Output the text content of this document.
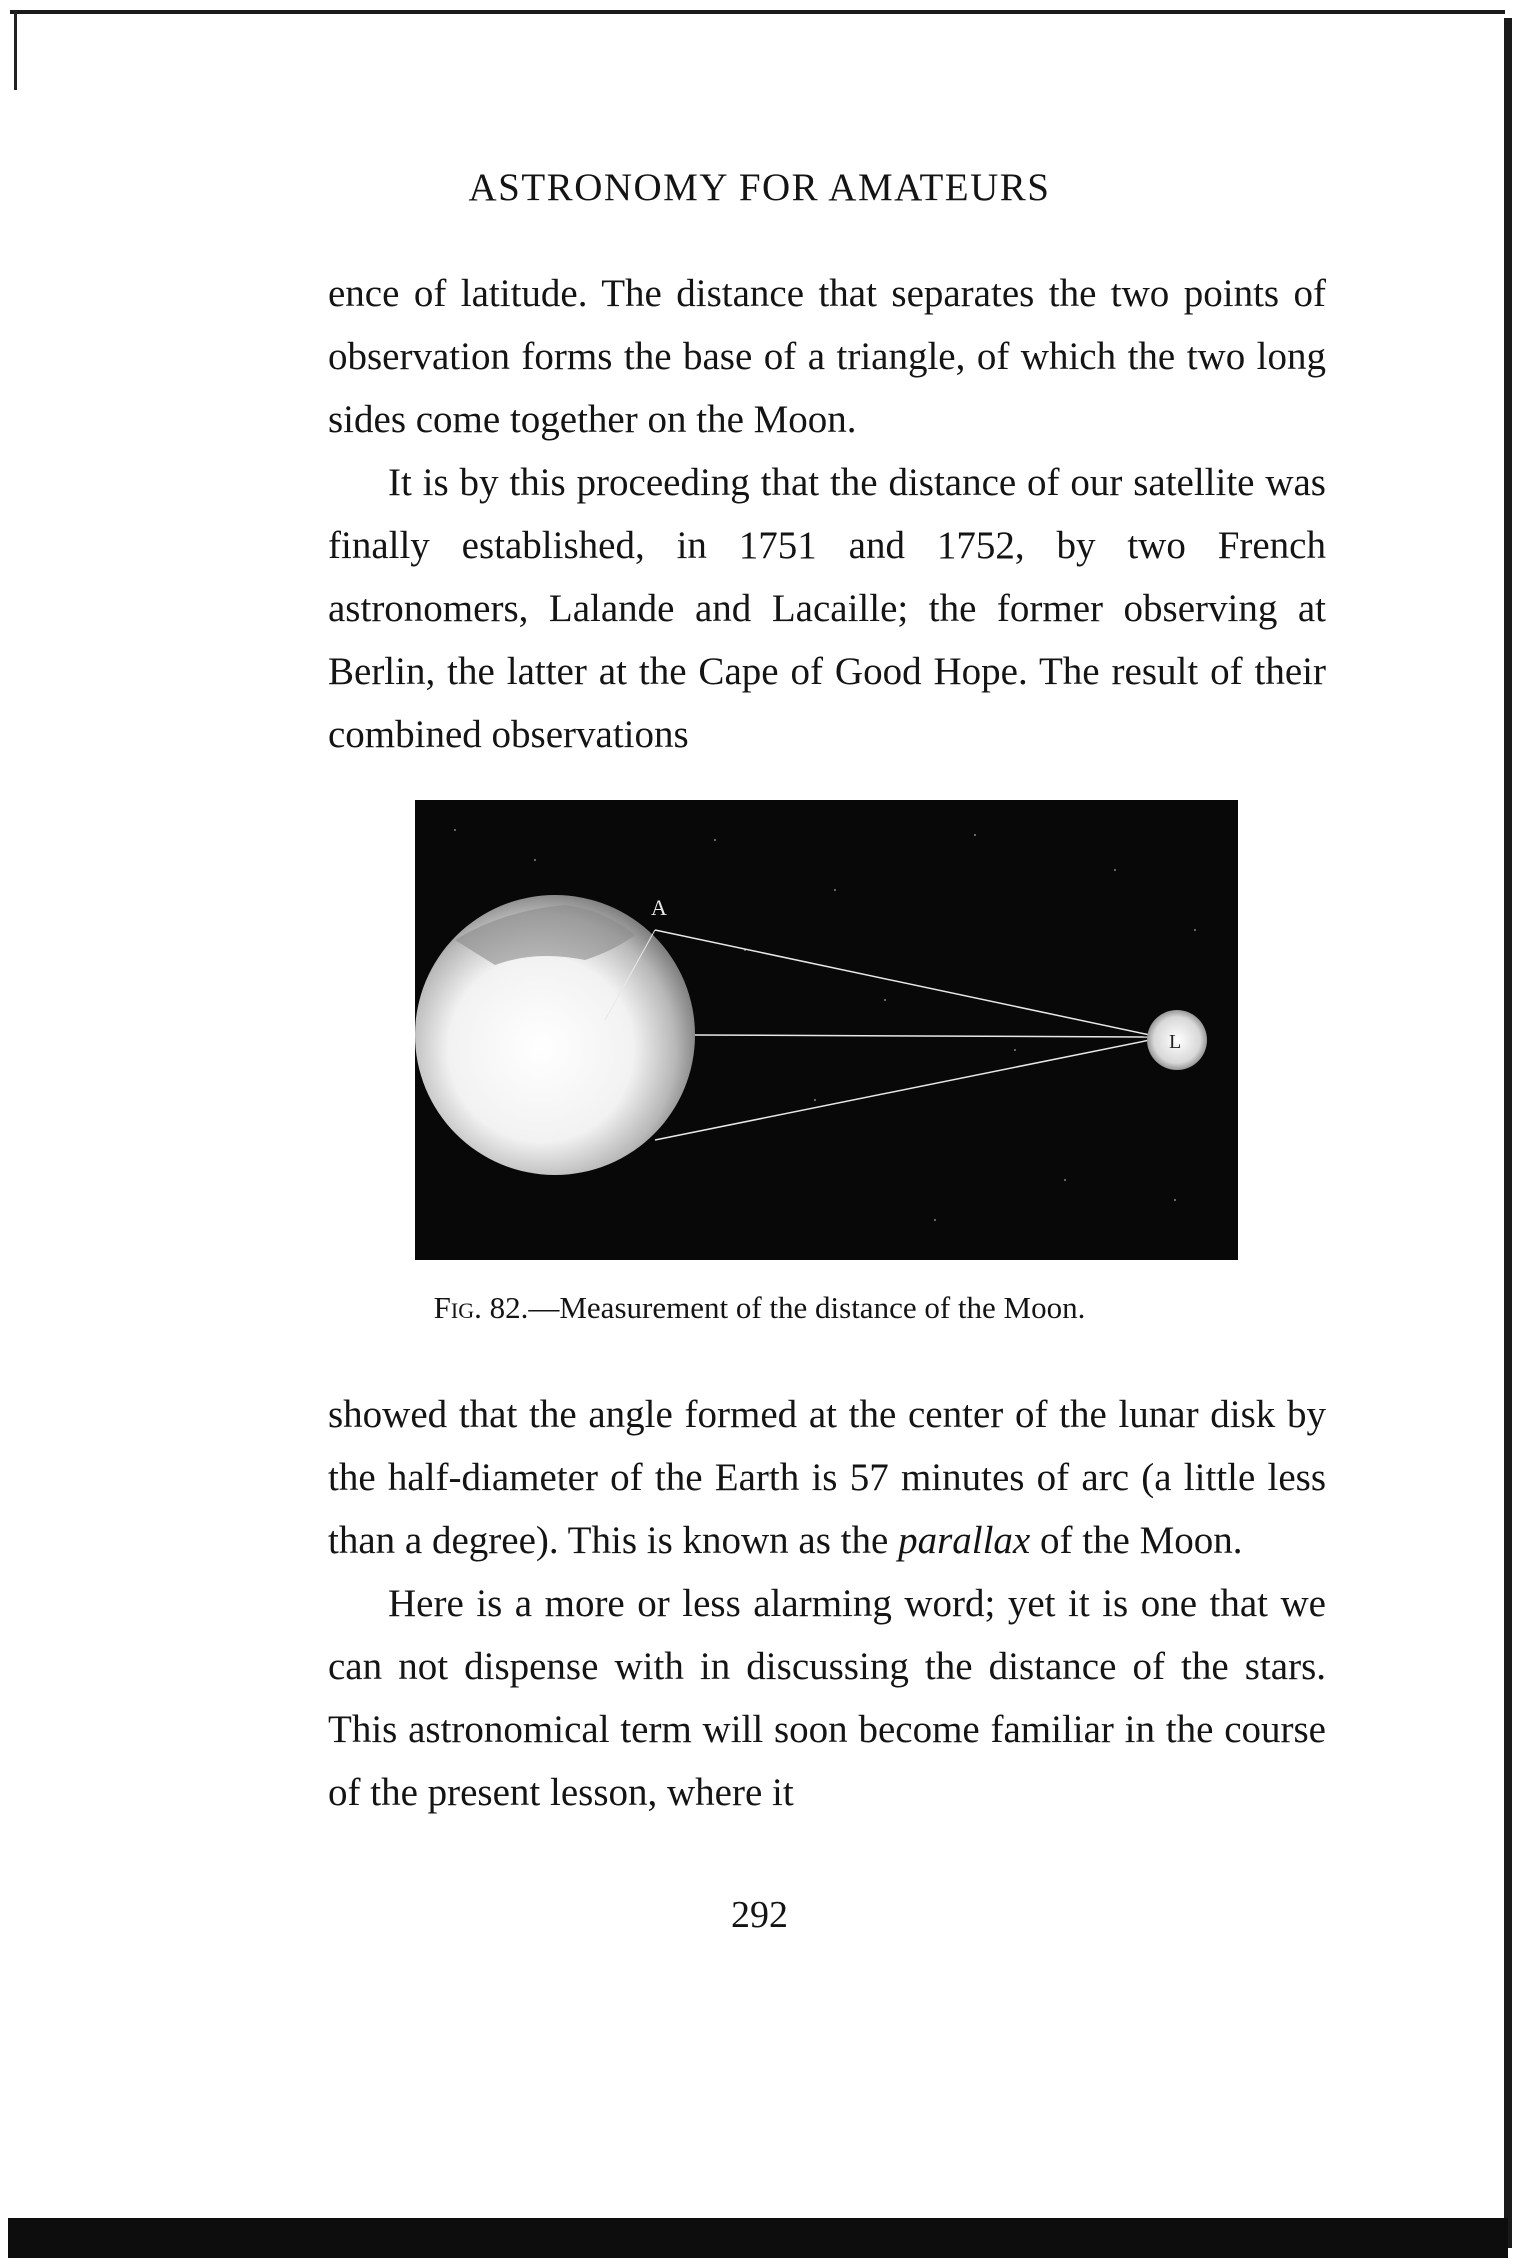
ASTRONOMY FOR AMATEURS

ence of latitude. The distance that separates the two points of observation forms the base of a triangle, of which the two long sides come together on the Moon.

It is by this proceeding that the distance of our satellite was finally established, in 1751 and 1752, by two French astronomers, Lalande and Lacaille; the former observing at Berlin, the latter at the Cape of Good Hope. The result of their combined observations

A
L
Fig. 82.—Measurement of the distance of the Moon.

showed that the angle formed at the center of the lunar disk by the half-diameter of the Earth is 57 minutes of arc (a little less than a degree). This is known as the parallax of the Moon.

Here is a more or less alarming word; yet it is one that we can not dispense with in discussing the distance of the stars. This astronomical term will soon become familiar in the course of the present lesson, where it

292
